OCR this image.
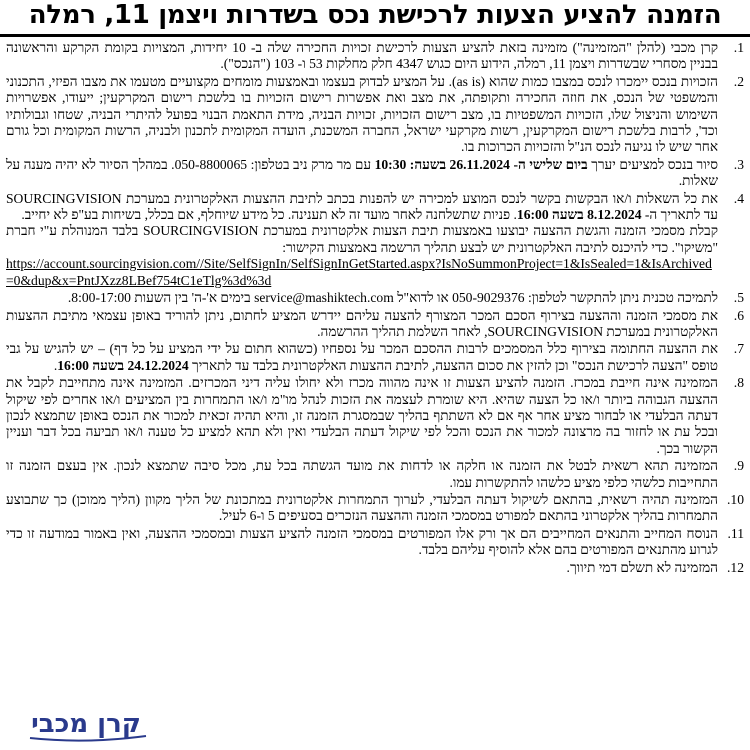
הזמנה להציע הצעות לרכישת נכס בשדרות ויצמן 11, רמלה
1.
קרן מכבי (להלן "המזמינה") מזמינה בזאת להציע הצעות לרכישת זכויות החכירה שלה ב- 10 יחידות, המצויות בקומת הקרקע והראשונה בבניין מסחרי שבשדרות ויצמן 11, רמלה, הידוע היום כגוש 4347 חלק מחלקות 53 ו- 103 ("הנכס").
2.
הזכויות בנכס יימכרו לנכס במצבו כמות שהוא (as is). על המציע לבדוק בעצמו ובאמצעות מומחים מקצועיים מטעמו את מצבו הפיזי, התכנוני והמשפטי של הנכס, את חוזה החכירה ותקופתה, את מצב ואת אפשרות רישום הזכויות בו בלשכת רישום המקרקעין; ייעודו, אפשרויות השימוש והניצול שלו, הזכויות המשפטיות בו, מצב רישום הזכויות, זכויות הבניה, מידת התאמת הבנוי בפועל להיתרי הבניה, שטחו וגבולותיו וכד', לרבות בלשכת רישום המקרקעין, רשות מקרקעי ישראל, החברה המשכנת, הועדה המקומית לתכנון ולבניה, הרשות המקומית וכל גורם אחר שיש לו נגיעה לנכס הנ"ל והזכויות הכרוכות בו.
3.
סיור בנכס למציעים יערך ביום שלישי ה- 26.11.2024 בשעה: 10:30 עם מר מרק ניב בטלפון: 050-8800065. במהלך הסיור לא יהיה מענה על שאלות.
4.
את כל השאלות ו/או הבקשות בקשר לנכס המוצע למכירה יש להפנות בכתב לתיבת ההצעות האלקטרונית במערכת SOURCINGVISION עד לתאריך ה- 8.12.2024 בשעה 16:00. פניות שתשלחנה לאחר מועד זה לא תענינה. כל מידע שיוחלף, אם בכלל, בשיחות בע"פ לא יחייב.
קבלת מסמכי הזמנה והגשת ההצעה יבוצעו באמצעות תיבת הצעות אלקטרונית במערכת SOURCINGVISION בלבד המנוהלת ע"י חברת "משיקו". כדי להיכנס לתיבה האלקטרונית יש לבצע תהליך הרשמה באמצעות הקישור:
https://account.sourcingvision.com//Site/SelfSignIn/SelfSignInGetStarted.aspx?IsNoSummonProject=1&IsSealed=1&IsArchived=0&dup&x=PntJXzz8LBef754tC1eTlg%3d%3d
5.
לתמיכה טכנית ניתן להתקשר לטלפון: 050-9029376 או לדוא"ל service@mashiktech.com בימים א'-ה' בין השעות 8:00-17:00.
6.
את מסמכי הזמנה וההצעה בצירוף הסכם המכר המצורף להצעה עליהם יידרש המציע לחתום, ניתן להוריד באופן עצמאי מתיבת ההצעות האלקטרונית במערכת SOURCINGVISION, לאחר השלמת תהליך ההרשמה.
7.
את ההצעה החתומה בצירוף כלל המסמכים לרבות ההסכם המכר על נספחיו (כשהוא חתום על ידי המציע על כל דף) – יש להגיש על גבי טופס "הצעה לרכישת הנכס" וכן להזין את סכום ההצעה, לתיבת ההצעות האלקטרונית בלבד עד לתאריך 24.12.2024 בשעה 16:00.
8.
המזמינה אינה חייבת במכרז. הזמנה להציע הצעות זו אינה מהווה מכרז ולא יחולו עליה דיני המכרזים. המזמינה אינה מתחייבת לקבל את ההצעה הגבוהה ביותר ו/או כל הצעה שהיא. היא שומרת לעצמה את הזכות לנהל מו"מ ו/או התמחרות בין המציעים ו/או אחרים לפי שיקול דעתה הבלעדי או לבחור מציע אחר אף אם לא השתתף בהליך שבמסגרת הזמנה זו, והיא תהיה זכאית למכור את הנכס באופן שתמצא לנכון ובכל עת או לחזור בה מרצונה למכור את הנכס והכל לפי שיקול דעתה הבלעדי ואין ולא תהא למציע כל טענה ו/או תביעה בכל דבר ועניין הקשור בכך.
9.
המזמינה תהא רשאית לבטל את הזמנה או חלקה או לדחות את מועד הגשתה בכל עת, מכל סיבה שתמצא לנכון. אין בעצם הזמנה זו התחייבות כלשהי כלפי מציע כלשהו להתקשרות עמו.
10.
המזמינה תהיה רשאית, בהתאם לשיקול דעתה הבלעדי, לערוך התמחרות אלקטרונית במתכונת של הליך מקוון (הליך ממוכן) כך שתבוצע התמחרות בהליך אלקטרוני בהתאם למפורט במסמכי הזמנה וההצעה הנזכרים בסעיפים 5 ו-6 לעיל.
11.
הנוסח המחייב והתנאים המחייבים הם אך ורק אלו המפורטים במסמכי הזמנה להציע הצעות ובמסמכי ההצעה, ואין באמור במודעה זו כדי לגרוע מהתנאים המפורטים בהם אלא להוסיף עליהם בלבד.
12.
המזמינה לא תשלם דמי תיווך.
קרן מכבי
